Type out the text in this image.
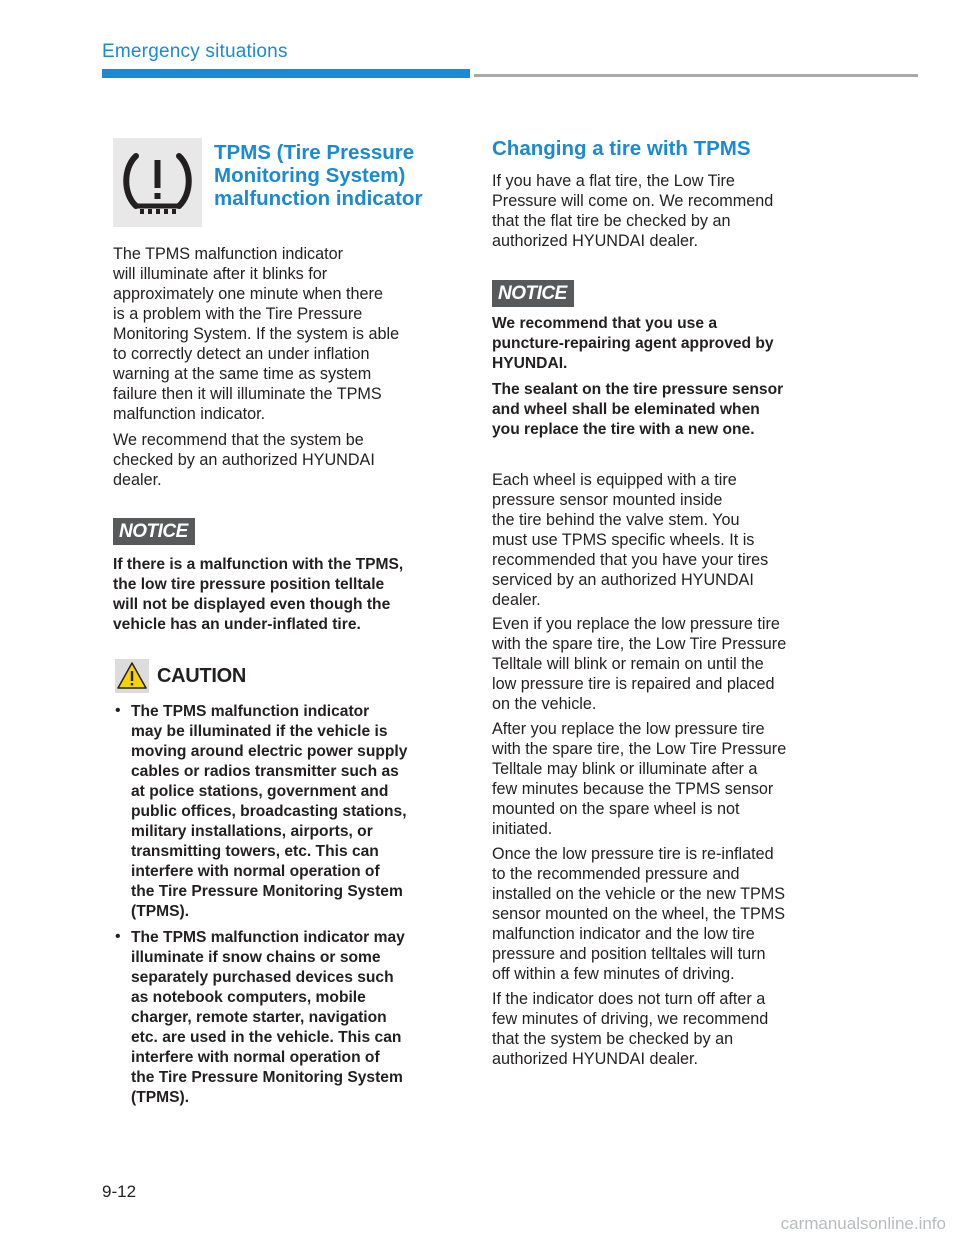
Emergency situations

TPMS (Tire Pressure

Monitoring System)

malfunction indicator

The TPMS malfunction indicator

will illuminate after it blinks for

approximately one minute when there

is a problem with the Tire Pressure

Monitoring System. If the system is able

to correctly detect an under inflation

warning at the same time as system

failure then it will illuminate the TPMS

malfunction indicator.

We recommend that the system be

checked by an authorized HYUNDAI

dealer.

NOTICE

If there is a malfunction with the TPMS,

the low tire pressure position telltale

will not be displayed even though the

vehicle has an under-inflated tire.

CAUTION

• The TPMS malfunction indicator

may be illuminated if the vehicle is

moving around electric power supply

cables or radios transmitter such as

at police stations, government and

public offices, broadcasting stations,

military installations, airports, or

transmitting towers, etc. This can

interfere with normal operation of

the Tire Pressure Monitoring System

(TPMS).

• The TPMS malfunction indicator may

illuminate if snow chains or some

separately purchased devices such

as notebook computers, mobile

charger, remote starter, navigation

etc. are used in the vehicle. This can

interfere with normal operation of

the Tire Pressure Monitoring System

(TPMS).

Changing a tire with TPMS

If you have a flat tire, the Low Tire

Pressure will come on. We recommend

that the flat tire be checked by an

authorized HYUNDAI dealer.

NOTICE

We recommend that you use a

puncture-repairing agent approved by

HYUNDAI.

The sealant on the tire pressure sensor

and wheel shall be eleminated when

you replace the tire with a new one.

Each wheel is equipped with a tire

pressure sensor mounted inside

the tire behind the valve stem. You

must use TPMS specific wheels. It is

recommended that you have your tires

serviced by an authorized HYUNDAI

dealer.

Even if you replace the low pressure tire

with the spare tire, the Low Tire Pressure

Telltale will blink or remain on until the

low pressure tire is repaired and placed

on the vehicle.

After you replace the low pressure tire

with the spare tire, the Low Tire Pressure

Telltale may blink or illuminate after a

few minutes because the TPMS sensor

mounted on the spare wheel is not

initiated.

Once the low pressure tire is re-inflated

to the recommended pressure and

installed on the vehicle or the new TPMS

sensor mounted on the wheel, the TPMS

malfunction indicator and the low tire

pressure and position telltales will turn

off within a few minutes of driving.

If the indicator does not turn off after a

few minutes of driving, we recommend

that the system be checked by an

authorized HYUNDAI dealer.

9-12
carmanualsonline.info
